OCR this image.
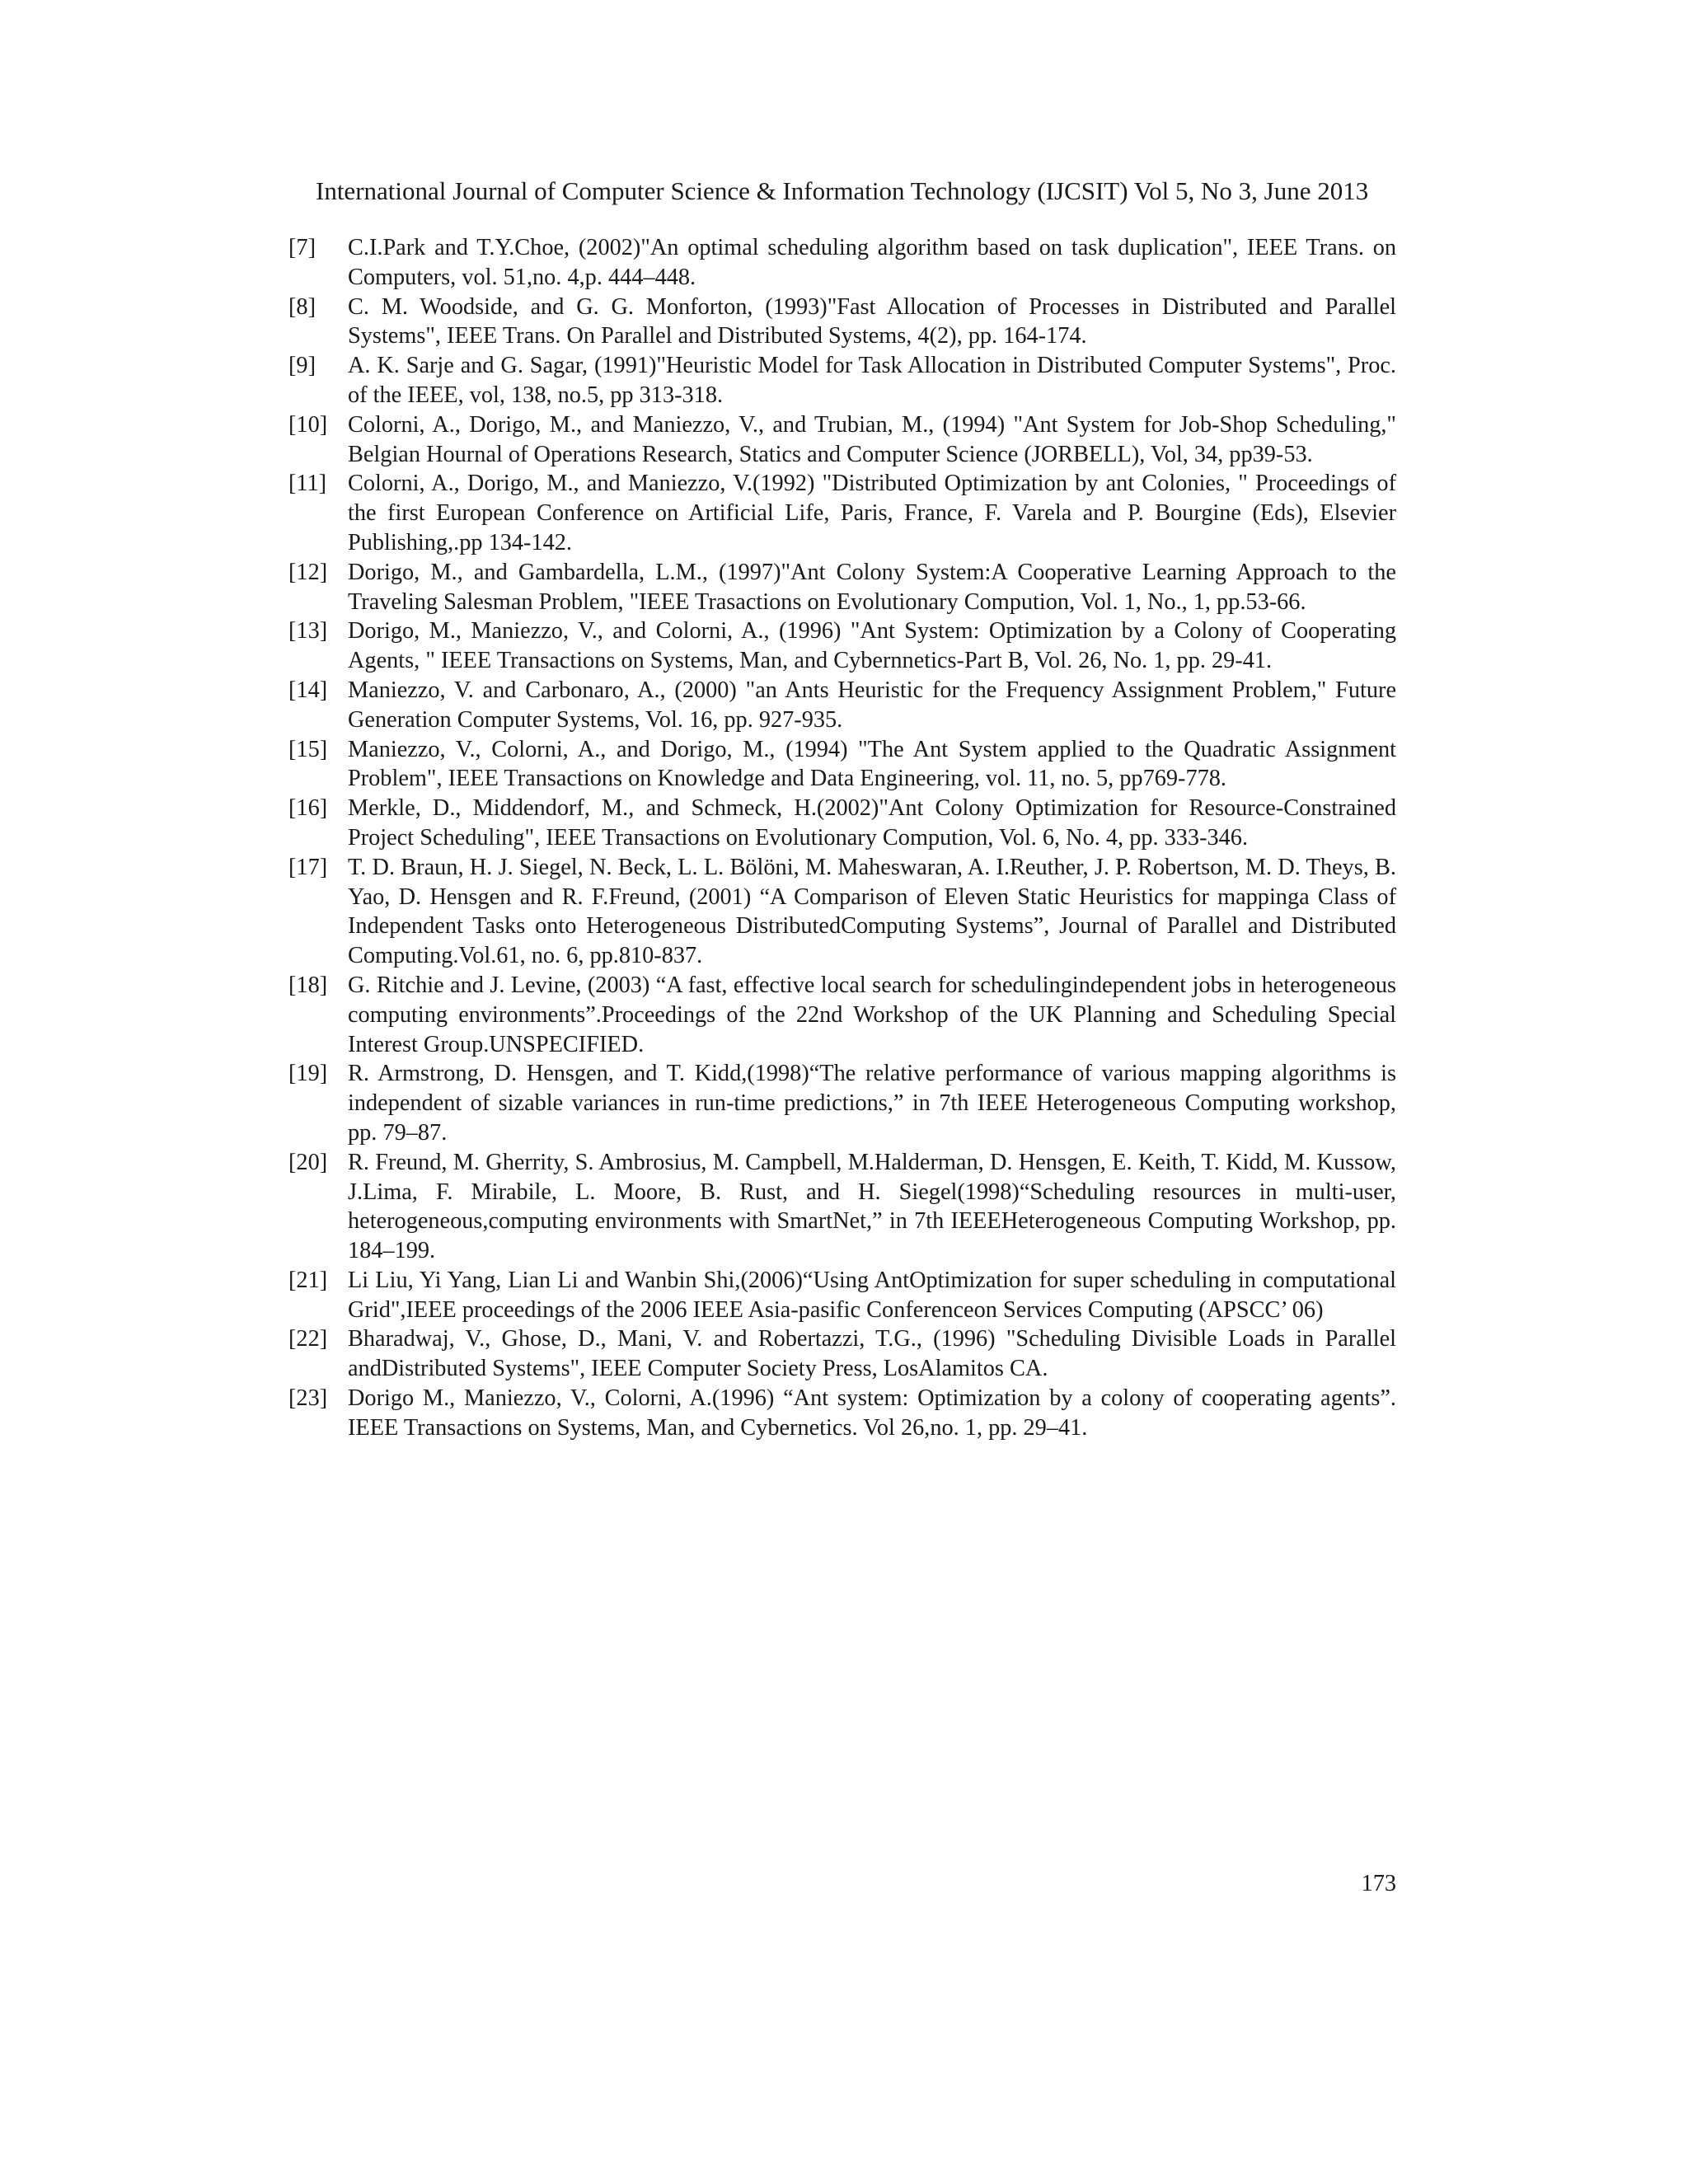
International Journal of Computer Science & Information Technology (IJCSIT) Vol 5, No 3, June 2013
[7]	C.I.Park and T.Y.Choe, (2002)"An optimal scheduling algorithm based on task duplication", IEEE Trans. on Computers, vol. 51,no. 4,p. 444–448.
[8]	C. M. Woodside, and G. G. Monforton, (1993)"Fast Allocation of Processes in Distributed and Parallel Systems", IEEE Trans. On Parallel and Distributed Systems, 4(2), pp. 164-174.
[9]	A. K. Sarje and G. Sagar, (1991)"Heuristic Model for Task Allocation in Distributed Computer Systems", Proc. of the IEEE, vol, 138, no.5, pp 313-318.
[10] Colorni, A., Dorigo, M., and Maniezzo, V., and Trubian, M., (1994) "Ant System for Job-Shop Scheduling," Belgian Hournal of Operations Research, Statics and Computer Science (JORBELL), Vol, 34, pp39-53.
[11] Colorni, A., Dorigo, M., and Maniezzo, V.(1992) "Distributed Optimization by ant Colonies, " Proceedings of the first European Conference on Artificial Life, Paris, France, F. Varela and P. Bourgine (Eds), Elsevier Publishing,.pp 134-142.
[12] Dorigo, M., and Gambardella, L.M., (1997)"Ant Colony System:A Cooperative Learning Approach to the Traveling Salesman Problem, "IEEE Trasactions on Evolutionary Compution, Vol. 1, No., 1, pp.53-66.
[13] Dorigo, M., Maniezzo, V., and Colorni, A., (1996) "Ant System: Optimization by a Colony of Cooperating Agents, " IEEE Transactions on Systems, Man, and Cybernnetics-Part B, Vol. 26, No. 1, pp. 29-41.
[14] Maniezzo, V. and Carbonaro, A., (2000) "an Ants Heuristic for the Frequency Assignment Problem," Future Generation Computer Systems, Vol. 16, pp. 927-935.
[15] Maniezzo, V., Colorni, A., and Dorigo, M., (1994) "The Ant System applied to the Quadratic Assignment Problem", IEEE Transactions on Knowledge and Data Engineering, vol. 11, no. 5, pp769-778.
[16] Merkle, D., Middendorf, M., and Schmeck, H.(2002)"Ant Colony Optimization for Resource-Constrained Project Scheduling", IEEE Transactions on Evolutionary Compution, Vol. 6, No. 4, pp. 333-346.
[17] T. D. Braun, H. J. Siegel, N. Beck, L. L. Bölöni, M. Maheswaran, A. I.Reuther, J. P. Robertson, M. D. Theys, B. Yao, D. Hensgen and R. F.Freund, (2001) “A Comparison of Eleven Static Heuristics for mappinga Class of Independent Tasks onto Heterogeneous DistributedComputing Systems”, Journal of Parallel and Distributed Computing.Vol.61, no. 6, pp.810-837.
[18] G. Ritchie and J. Levine, (2003) “A fast, effective local search for schedulingindependent jobs in heterogeneous computing environments”.Proceedings of the 22nd Workshop of the UK Planning and Scheduling Special Interest Group.UNSPECIFIED.
[19] R. Armstrong, D. Hensgen, and T. Kidd,(1998)“The relative performance of various mapping algorithms is independent of sizable variances in run-time predictions,” in 7th IEEE Heterogeneous Computing workshop, pp. 79–87.
[20] R. Freund, M. Gherrity, S. Ambrosius, M. Campbell, M.Halderman, D. Hensgen, E. Keith, T. Kidd, M. Kussow, J.Lima, F. Mirabile, L. Moore, B. Rust, and H. Siegel(1998)“Scheduling resources in multi-user, heterogeneous,computing environments with SmartNet,” in 7th IEEEHeterogeneous Computing Workshop, pp. 184–199.
[21] Li Liu, Yi Yang, Lian Li and Wanbin Shi,(2006)“Using AntOptimization for super scheduling in computational Grid",IEEE proceedings of the 2006 IEEE Asia-pasific Conferenceon Services Computing (APSCC’ 06)
[22] Bharadwaj, V., Ghose, D., Mani, V. and Robertazzi, T.G., (1996) "Scheduling Divisible Loads in Parallel andDistributed Systems", IEEE Computer Society Press, LosAlamitos CA.
[23] Dorigo M., Maniezzo, V., Colorni, A.(1996) “Ant system: Optimization by a colony of cooperating agents”. IEEE Transactions on Systems, Man, and Cybernetics. Vol 26,no. 1, pp. 29–41.
173
